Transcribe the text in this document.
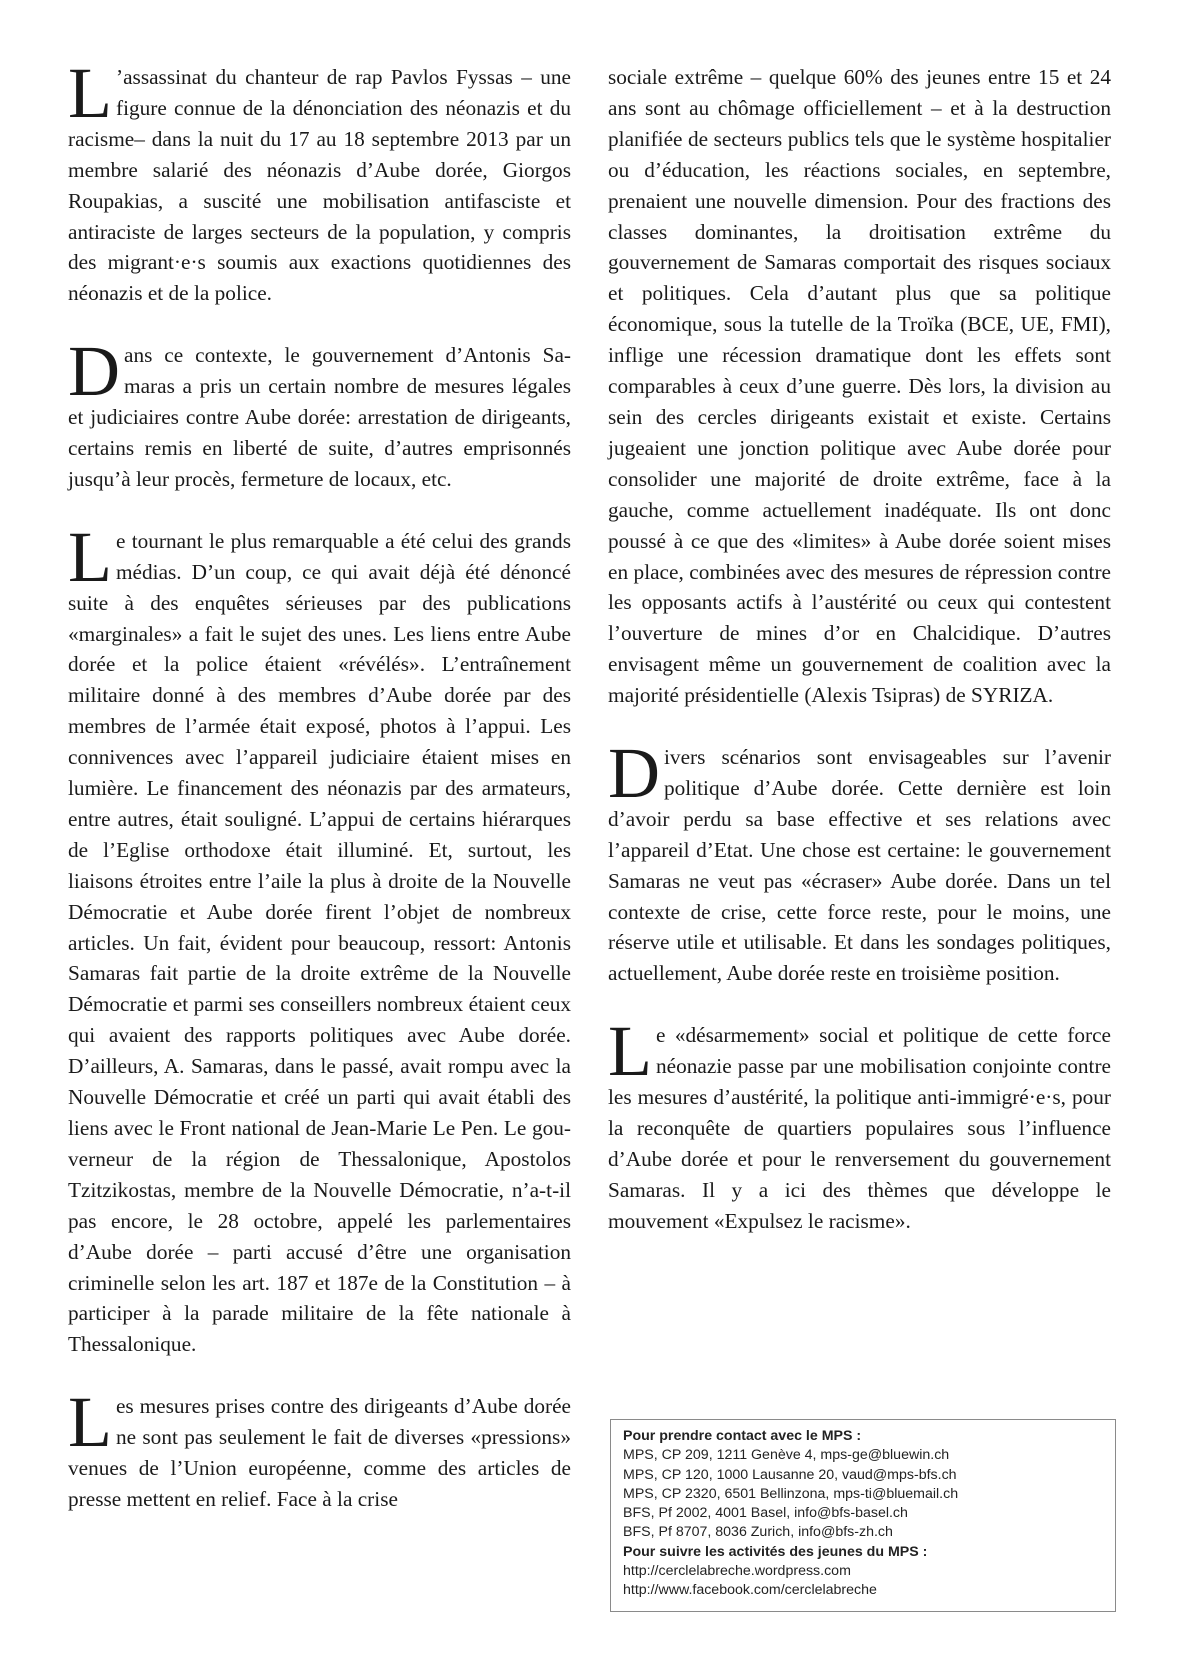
L ’assassinat du chanteur de rap Pavlos Fyssas – une figure connue de la dénonciation des néonazis et du racisme– dans la nuit du 17 au 18 septembre 2013 par un membre salarié des néonazis d’Aube dorée, Giorgos Roupakias, a suscité une mobilisation antifasciste et antiraciste de larges secteurs de la population, y compris des migrant·e·s soumis aux exactions quotidiennes des néonazis et de la police.

Dans ce contexte, le gouvernement d’Antonis Samaras a pris un certain nombre de mesures légales et judiciaires contre Aube dorée: arrestation de dirigeants, certains remis en liberté de suite, d’autres emprisonnés jusqu’à leur procès, fermeture de locaux, etc.

Le tournant le plus remarquable a été celui des grands médias. D’un coup, ce qui avait déjà été dénoncé suite à des enquêtes sérieuses par des publications «marginales» a fait le sujet des unes. Les liens entre Aube dorée et la police étaient «révélés». L’entraînement militaire donné à des membres d’Aube dorée par des membres de l’armée était exposé, photos à l’appui. Les connivences avec l’appareil judiciaire étaient mises en lumière. Le financement des néonazis par des armateurs, entre autres, était souligné. L’appui de certains hiérarques de l’Eglise orthodoxe était illuminé. Et, surtout, les liaisons étroites entre l’aile la plus à droite de la Nouvelle Démocratie et Aube dorée firent l’objet de nombreux articles. Un fait, évident pour beaucoup, ressort: Antonis Samaras fait partie de la droite extrême de la Nouvelle Démocratie et parmi ses conseillers nombreux étaient ceux qui avaient des rapports politiques avec Aube dorée. D’ailleurs, A. Samaras, dans le passé, avait rompu avec la Nouvelle Démocratie et créé un parti qui avait établi des liens avec le Front national de Jean-Marie Le Pen. Le gouverneur de la région de Thessalonique, Apostolos Tzitzikostas, membre de la Nouvelle Démocratie, n’a-t-il pas encore, le 28 octobre, appelé les parlementaires d’Aube dorée – parti accusé d’être une organisation criminelle selon les art. 187 et 187e de la Constitution – à participer à la parade militaire de la fête nationale à Thessalonique.

Les mesures prises contre des dirigeants d’Aube dorée ne sont pas seulement le fait de diverses «pressions» venues de l’Union européenne, comme des articles de presse mettent en relief. Face à la crise

sociale extrême – quelque 60% des jeunes entre 15 et 24 ans sont au chômage officiellement – et à la destruction planifiée de secteurs publics tels que le système hospitalier ou d’éducation, les réactions sociales, en septembre, prenaient une nouvelle dimension. Pour des fractions des classes dominantes, la droitisation extrême du gouvernement de Samaras comportait des risques sociaux et politiques. Cela d’autant plus que sa politique économique, sous la tutelle de la Troïka (BCE, UE, FMI), inflige une récession dramatique dont les effets sont comparables à ceux d’une guerre. Dès lors, la division au sein des cercles dirigeants existait et existe. Certains jugeaient une jonction politique avec Aube dorée pour consolider une majorité de droite extrême, face à la gauche, comme actuellement inadéquate. Ils ont donc poussé à ce que des «limites» à Aube dorée soient mises en place, combinées avec des mesures de répression contre les opposants actifs à l’austérité ou ceux qui contestent l’ouverture de mines d’or en Chalcidique. D’autres envisagent même un gouvernement de coalition avec la majorité présidentielle (Alexis Tsipras) de SYRIZA.

Divers scénarios sont envisageables sur l’avenir politique d’Aube dorée. Cette dernière est loin d’avoir perdu sa base effective et ses relations avec l’appareil d’Etat. Une chose est certaine: le gouvernement Samaras ne veut pas «écraser» Aube dorée. Dans un tel contexte de crise, cette force reste, pour le moins, une réserve utile et utilisable. Et dans les sondages politiques, actuellement, Aube dorée reste en troisième position.

Le «désarmement» social et politique de cette force néonazie passe par une mobilisation conjointe contre les mesures d’austérité, la politique anti-immigré·e·s, pour la reconquête de quartiers populaires sous l’influence d’Aube dorée et pour le renversement du gouvernement Samaras. Il y a ici des thèmes que développe le mouvement «Expulsez le racisme».

Pour prendre contact avec le MPS :
MPS, CP 209, 1211 Genève 4, mps-ge@bluewin.ch
MPS, CP 120, 1000 Lausanne 20, vaud@mps-bfs.ch
MPS, CP 2320, 6501 Bellinzona, mps-ti@bluemail.ch
BFS, Pf 2002, 4001 Basel, info@bfs-basel.ch
BFS, Pf 8707, 8036 Zurich, info@bfs-zh.ch
Pour suivre les activités des jeunes du MPS :
http://cerclelabreche.wordpress.com
http://www.facebook.com/cerclelabreche
